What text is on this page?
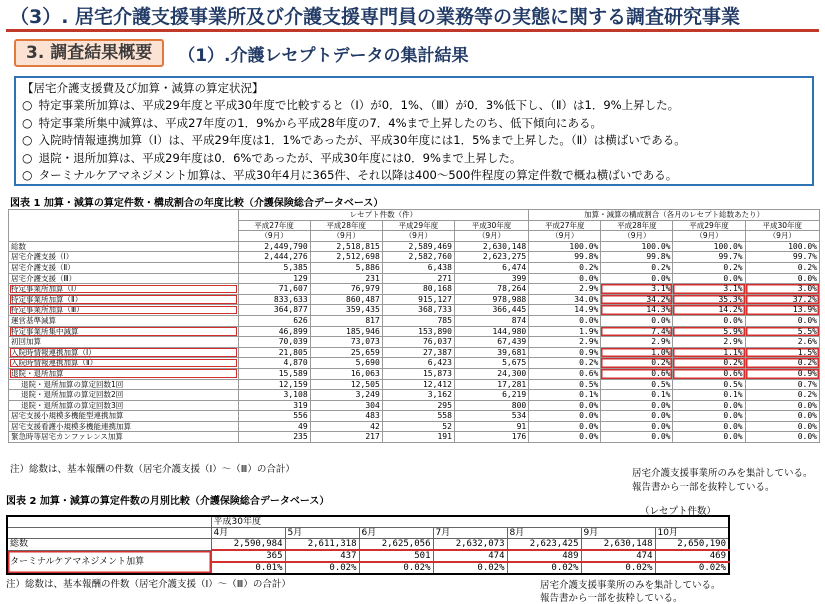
（3）. 居宅介護支援事業所及び介護支援専門員の業務等の実態に関する調査研究事業
3. 調査結果概要	（1）.介護レセプトデータの集計結果
【居宅介護支援費及び加算・減算の算定状況】
○ 特定事業所加算は、平成29年度と平成30年度で比較すると（Ⅰ）が0．1%、（Ⅲ）が0．3%低下し、（Ⅱ）は1．9%上昇した。
○ 特定事業所集中減算は、平成27年度の1．9%から平成28年度の7．4%まで上昇したのち、低下傾向にある。
○ 入院時情報連携加算（Ⅰ）は、平成29年度は1．1%であったが、平成30年度には1．5%まで上昇した。（Ⅱ）は横ばいである。
○ 退院・退所加算は、平成29年度は0．6%であったが、平成30年度には0．9%まで上昇した。
○ ターミナルケアマネジメント加算は、平成30年4月に365件、それ以降は400～500件程度の算定件数で概ね横ばいである。
図表 1 加算・減算の算定件数・構成割合の年度比較（介護保険総合データベース）
	レセプト件数（件）				加算・減算の構成割合（各月のレセプト総数あたり）			
	平成27年度	平成28年度	平成29年度	平成30年度	平成27年度	平成28年度	平成29年度	平成30年度
	（9月）	（9月）	（9月）	（9月）	（9月）	（9月）	（9月）	（9月）
総数	2,449,790	2,518,815	2,589,469	2,630,148	100.0%	100.0%	100.0%	100.0%
居宅介護支援（Ⅰ）	2,444,276	2,512,698	2,582,760	2,623,275	99.8%	99.8%	99.7%	99.7%
居宅介護支援（Ⅱ）	5,385	5,886	6,438	6,474	0.2%	0.2%	0.2%	0.2%
居宅介護支援（Ⅲ）	129	231	271	399	0.0%	0.0%	0.0%	0.0%
特定事業所加算（Ⅰ）	71,607	76,979	80,168	78,264	2.9%	3.1%	3.1%	3.0%
特定事業所加算（Ⅱ）	833,633	860,487	915,127	978,988	34.0%	34.2%	35.3%	37.2%
特定事業所加算（Ⅲ）	364,877	359,435	368,733	366,445	14.9%	14.3%	14.2%	13.9%
運営基準減算	626	817	785	874	0.0%	0.0%	0.0%	0.0%
特定事業所集中減算	46,899	185,946	153,890	144,980	1.9%	7.4%	5.9%	5.5%
初回加算	70,039	73,073	76,037	67,439	2.9%	2.9%	2.9%	2.6%
入院時情報連携加算（Ⅰ）	21,805	25,659	27,387	39,681	0.9%	1.0%	1.1%	1.5%
入院時情報連携加算（Ⅱ）	4,870	5,690	6,423	5,675	0.2%	0.2%	0.2%	0.2%
退院・退所加算	15,589	16,063	15,873	24,300	0.6%	0.6%	0.6%	0.9%
退院・退所加算の算定回数1回	12,159	12,505	12,412	17,281	0.5%	0.5%	0.5%	0.7%
退院・退所加算の算定回数2回	3,108	3,249	3,162	6,219	0.1%	0.1%	0.1%	0.2%
退院・退所加算の算定回数3回	319	304	295	800	0.0%	0.0%	0.0%	0.0%
居宅支援小規模多機能型連携加算	556	483	558	534	0.0%	0.0%	0.0%	0.0%
居宅支援看護小規模多機能連携加算	49	42	52	91	0.0%	0.0%	0.0%	0.0%
緊急時等居宅カンファレンス加算	235	217	191	176	0.0%	0.0%	0.0%	0.0%
注）総数は、基本報酬の件数（居宅介護支援（Ⅰ）～（Ⅲ）の合計）	居宅介護支援事業所のみを集計している。
報告書から一部を抜粋している。
図表 2 加算・減算の算定件数の月別比較（介護保険総合データベース）
（レセプト件数）
	平成30年度						
	4月	5月	6月	7月	8月	9月	10月
総数	2,590,984	2,611,318	2,625,056	2,632,073	2,623,425	2,630,148	2,650,190
ターミナルケアマネジメント加算	365	437	501	474	489	474	469
	0.01%	0.02%	0.02%	0.02%	0.02%	0.02%	0.02%
注）総数は、基本報酬の件数（居宅介護支援（Ⅰ）～（Ⅲ）の合計）	居宅介護支援事業所のみを集計している。
報告書から一部を抜粋している。
